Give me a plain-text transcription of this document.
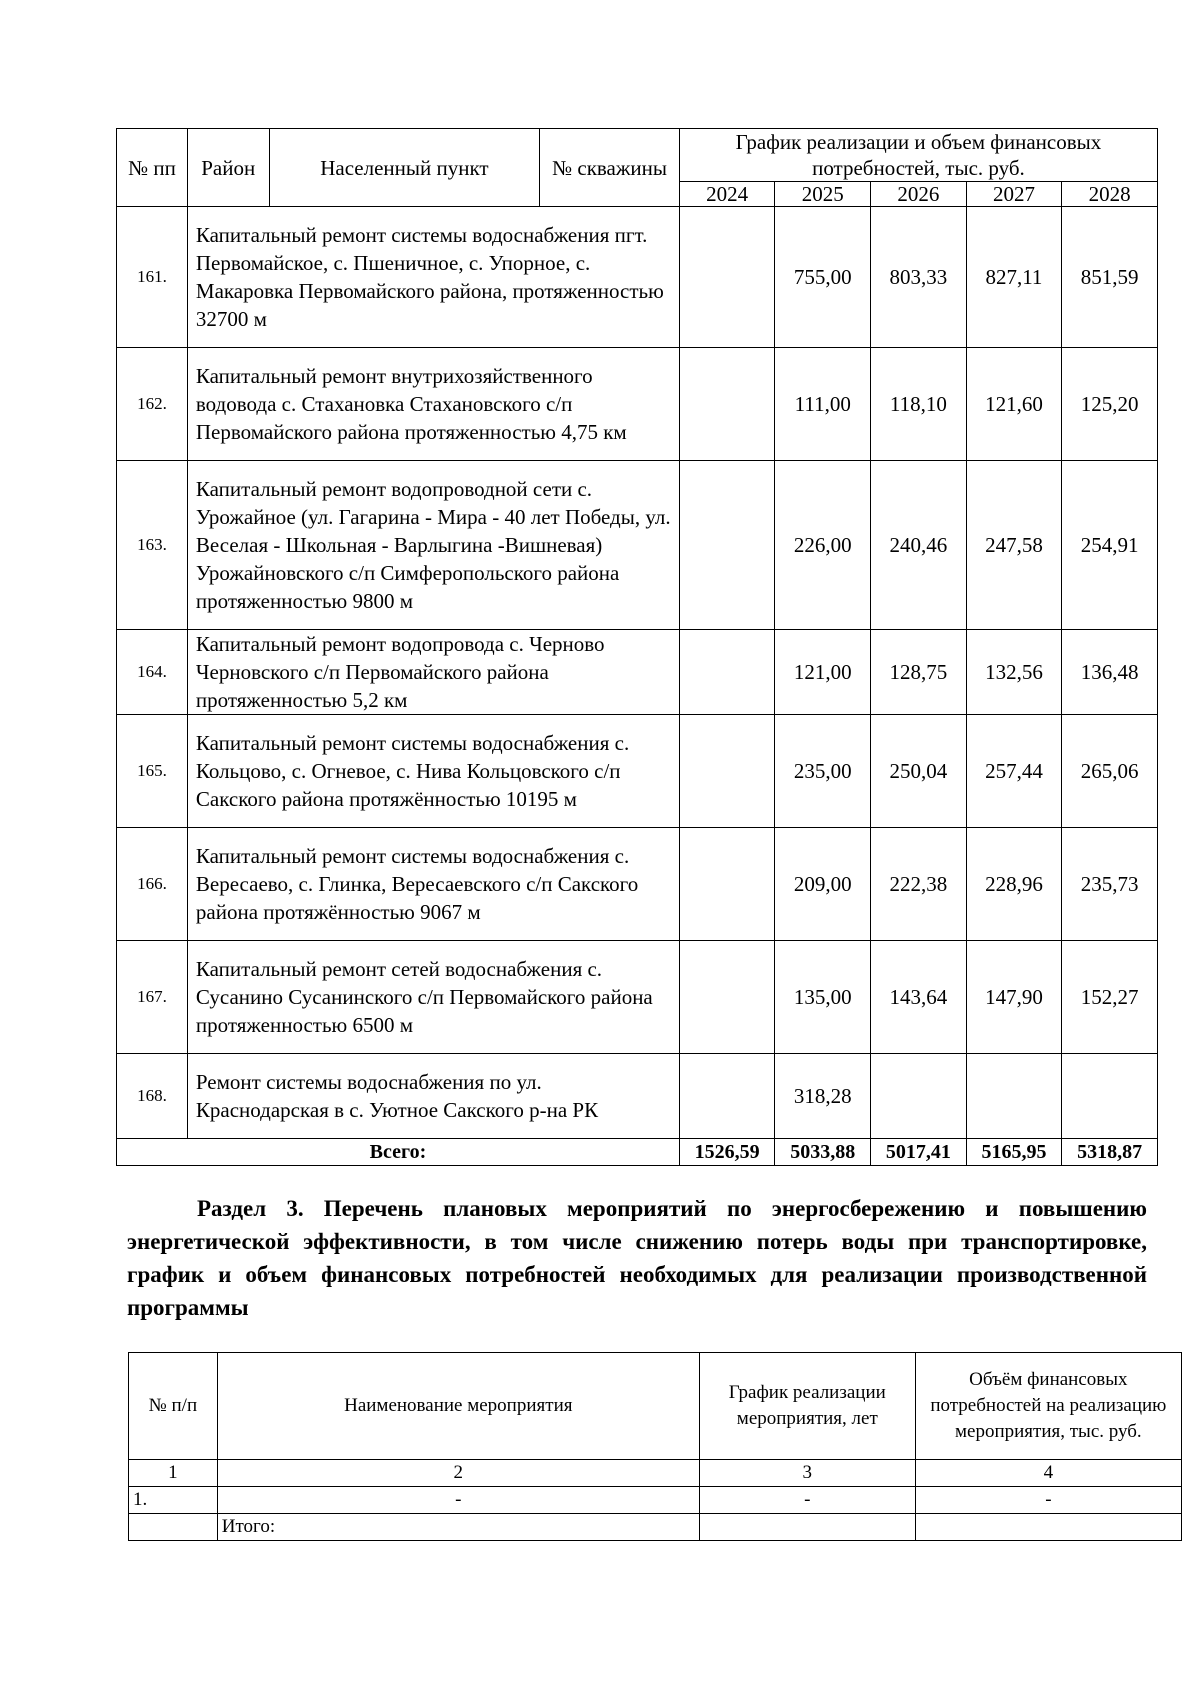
№ пп	Район	Населенный пункт	№ скважины	График реализации и объем финансовых потребностей, тыс. руб.				
				2024	2025	2026	2027	2028
161.	Капитальный ремонт системы водоснабжения пгт. Первомайское, с. Пшеничное, с. Упорное, с. Макаровка Первомайского района, протяженностью 32700 м				755,00	803,33	827,11	851,59
162.	Капитальный ремонт внутрихозяйственного водовода с. Стахановка Стахановского с/п Первомайского района протяженностью 4,75 км				111,00	118,10	121,60	125,20
163.	Капитальный ремонт водопроводной сети с. Урожайное (ул. Гагарина - Мира - 40 лет Победы, ул. Веселая - Школьная - Варлыгина -Вишневая) Урожайновского с/п Симферопольского района протяженностью 9800 м				226,00	240,46	247,58	254,91
164.	Капитальный ремонт водопровода с. Черново Черновского с/п Первомайского района протяженностью 5,2 км				121,00	128,75	132,56	136,48
165.	Капитальный ремонт системы водоснабжения с. Кольцово, с. Огневое, с. Нива Кольцовского с/п Сакского района протяжённостью 10195 м				235,00	250,04	257,44	265,06
166.	Капитальный ремонт системы водоснабжения с. Вересаево, с. Глинка, Вересаевского с/п Сакского района протяжённостью 9067 м				209,00	222,38	228,96	235,73
167.	Капитальный ремонт сетей водоснабжения с. Сусанино Сусанинского с/п Первомайского района протяженностью 6500 м				135,00	143,64	147,90	152,27
168.	Ремонт системы водоснабжения по ул. Краснодарская в с. Уютное Сакского р-на РК				318,28			
Всего:				1526,59	5033,88	5017,41	5165,95	5318,87
Раздел 3. Перечень плановых мероприятий по энергосбережению и повышению энергетической эффективности, в том числе снижению потерь воды при транспортировке, график и объем финансовых потребностей необходимых для реализации производственной программы
№ п/п	Наименование мероприятия	График реализации мероприятия, лет	Объём финансовых потребностей на реализацию мероприятия, тыс. руб.
1	2	3	4
1.	-	-	-
	Итого:		
